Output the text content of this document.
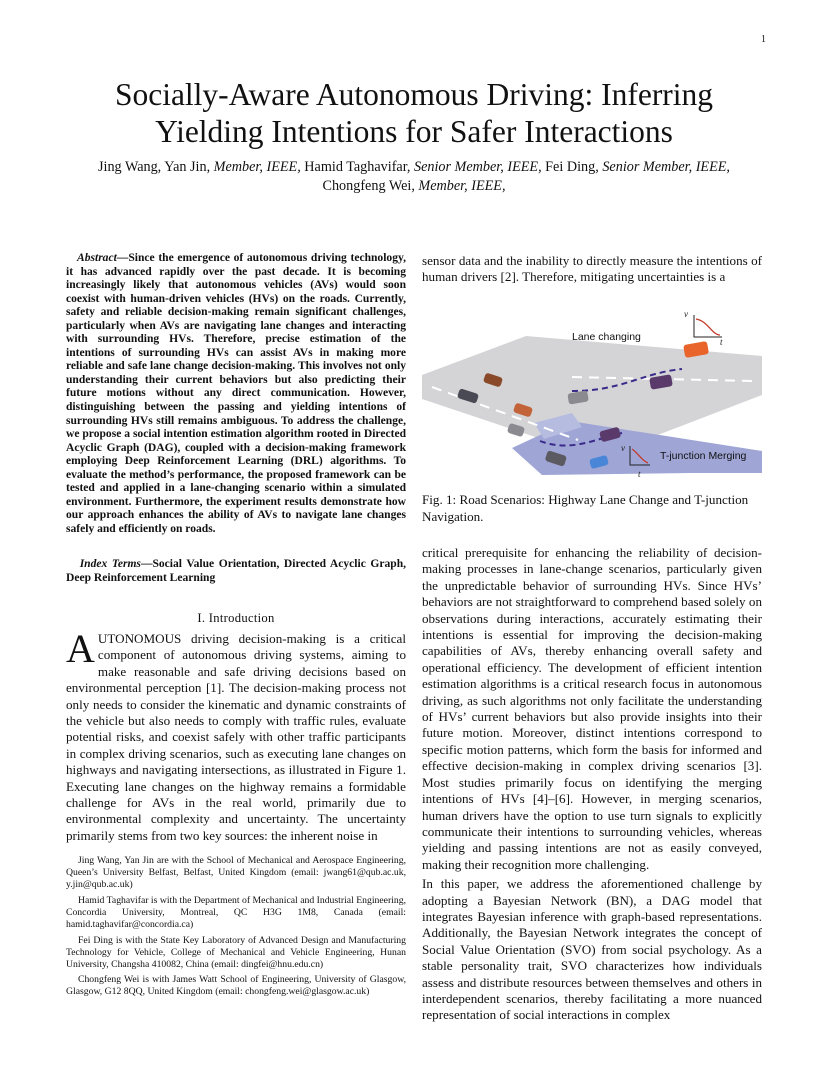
1
Socially-Aware Autonomous Driving: Inferring
Yielding Intentions for Safer Interactions
Jing Wang, Yan Jin, Member, IEEE, Hamid Taghavifar, Senior Member, IEEE, Fei Ding, Senior Member, IEEE,
Chongfeng Wei, Member, IEEE,
Abstract—Since the emergence of autonomous driving technology, it has advanced rapidly over the past decade. It is becoming increasingly likely that autonomous vehicles (AVs) would soon coexist with human-driven vehicles (HVs) on the roads. Currently, safety and reliable decision-making remain significant challenges, particularly when AVs are navigating lane changes and interacting with surrounding HVs. Therefore, precise estimation of the intentions of surrounding HVs can assist AVs in making more reliable and safe lane change decision-making. This involves not only understanding their current behaviors but also predicting their future motions without any direct communication. However, distinguishing between the passing and yielding intentions of surrounding HVs still remains ambiguous. To address the challenge, we propose a social intention estimation algorithm rooted in Directed Acyclic Graph (DAG), coupled with a decision-making framework employing Deep Reinforcement Learning (DRL) algorithms. To evaluate the method’s performance, the proposed framework can be tested and applied in a lane-changing scenario within a simulated environment. Furthermore, the experiment results demonstrate how our approach enhances the ability of AVs to navigate lane changes safely and efficiently on roads.
Index Terms—Social Value Orientation, Directed Acyclic Graph, Deep Reinforcement Learning
I. Introduction
AUTONOMOUS driving decision-making is a critical component of autonomous driving systems, aiming to make reasonable and safe driving decisions based on environmental perception [1]. The decision-making process not only needs to consider the kinematic and dynamic constraints of the vehicle but also needs to comply with traffic rules, evaluate potential risks, and coexist safely with other traffic participants in complex driving scenarios, such as executing lane changes on highways and navigating intersections, as illustrated in Figure 1. Executing lane changes on the highway remains a formidable challenge for AVs in the real world, primarily due to environmental complexity and uncertainty. The uncertainty primarily stems from two key sources: the inherent noise in

Jing Wang, Yan Jin are with the School of Mechanical and Aerospace Engineering, Queen’s University Belfast, Belfast, United Kingdom (email: jwang61@qub.ac.uk, y.jin@qub.ac.uk)

Hamid Taghavifar is with the Department of Mechanical and Industrial Engineering, Concordia University, Montreal, QC H3G 1M8, Canada (email: hamid.taghavifar@concordia.ca)

Fei Ding is with the State Key Laboratory of Advanced Design and Manufacturing Technology for Vehicle, College of Mechanical and Vehicle Engineering, Hunan University, Changsha 410082, China (email: dingfei@hnu.edu.cn)

Chongfeng Wei is with James Watt School of Engineering, University of Glasgow, Glasgow, G12 8QQ, United Kingdom (email: chongfeng.wei@glasgow.ac.uk)

sensor data and the inability to directly measure the intentions of human drivers [2]. Therefore, mitigating uncertainties is a
Lane changing
T-junction Merging
v
t
v
t
Fig. 1: Road Scenarios: Highway Lane Change and T-junction Navigation.

critical prerequisite for enhancing the reliability of decision-making processes in lane-change scenarios, particularly given the unpredictable behavior of surrounding HVs. Since HVs’ behaviors are not straightforward to comprehend based solely on observations during interactions, accurately estimating their intentions is essential for improving the decision-making capabilities of AVs, thereby enhancing overall safety and operational efficiency. The development of efficient intention estimation algorithms is a critical research focus in autonomous driving, as such algorithms not only facilitate the understanding of HVs’ current behaviors but also provide insights into their future motion. Moreover, distinct intentions correspond to specific motion patterns, which form the basis for informed and effective decision-making in complex driving scenarios [3]. Most studies primarily focus on identifying the merging intentions of HVs [4]–[6]. However, in merging scenarios, human drivers have the option to use turn signals to explicitly communicate their intentions to surrounding vehicles, whereas yielding and passing intentions are not as easily conveyed, making their recognition more challenging.

In this paper, we address the aforementioned challenge by adopting a Bayesian Network (BN), a DAG model that integrates Bayesian inference with graph-based representations. Additionally, the Bayesian Network integrates the concept of Social Value Orientation (SVO) from social psychology. As a stable personality trait, SVO characterizes how individuals assess and distribute resources between themselves and others in interdependent scenarios, thereby facilitating a more nuanced representation of social interactions in complex
